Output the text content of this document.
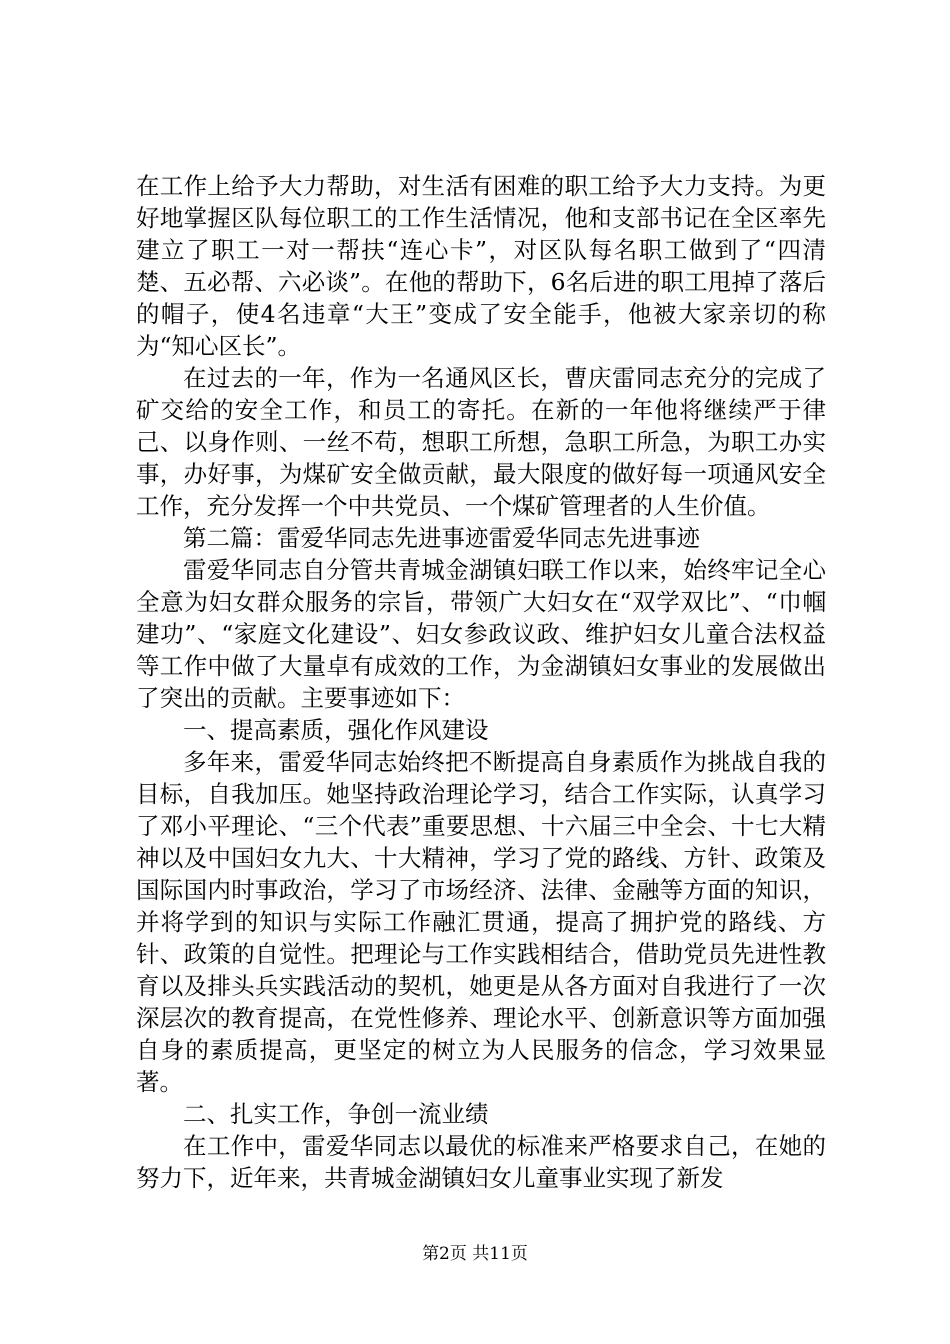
在工作上给予大力帮助，对生活有困难的职工给予大力支持。为更好地掌握区队每位职工的工作生活情况，他和支部书记在全区率先建立了职工一对一帮扶“连心卡”，对区队每名职工做到了“四清楚、五必帮、六必谈”。在他的帮助下，6名后进的职工甩掉了落后的帽子，使4名违章“大王”变成了安全能手，他被大家亲切的称为“知心区长”。

在过去的一年，作为一名通风区长，曹庆雷同志充分的完成了矿交给的安全工作，和员工的寄托。在新的一年他将继续严于律己、以身作则、一丝不苟，想职工所想，急职工所急，为职工办实事，办好事，为煤矿安全做贡献，最大限度的做好每一项通风安全工作，充分发挥一个中共党员、一个煤矿管理者的人生价值。

第二篇：雷爱华同志先进事迹雷爱华同志先进事迹

雷爱华同志自分管共青城金湖镇妇联工作以来，始终牢记全心全意为妇女群众服务的宗旨，带领广大妇女在“双学双比”、“巾帼建功”、“家庭文化建设”、妇女参政议政、维护妇女儿童合法权益等工作中做了大量卓有成效的工作，为金湖镇妇女事业的发展做出了突出的贡献。主要事迹如下：

一、提高素质，强化作风建设

多年来，雷爱华同志始终把不断提高自身素质作为挑战自我的目标，自我加压。她坚持政治理论学习，结合工作实际，认真学习了邓小平理论、“三个代表”重要思想、十六届三中全会、十七大精神以及中国妇女九大、十大精神，学习了党的路线、方针、政策及国际国内时事政治，学习了市场经济、法律、金融等方面的知识，并将学到的知识与实际工作融汇贯通，提高了拥护党的路线、方针、政策的自觉性。把理论与工作实践相结合，借助党员先进性教育以及排头兵实践活动的契机，她更是从各方面对自我进行了一次深层次的教育提高，在党性修养、理论水平、创新意识等方面加强自身的素质提高，更坚定的树立为人民服务的信念，学习效果显著。

二、扎实工作，争创一流业绩

在工作中，雷爱华同志以最优的标准来严格要求自己，在她的努力下，近年来，共青城金湖镇妇女儿童事业实现了新发

第2页 共11页
